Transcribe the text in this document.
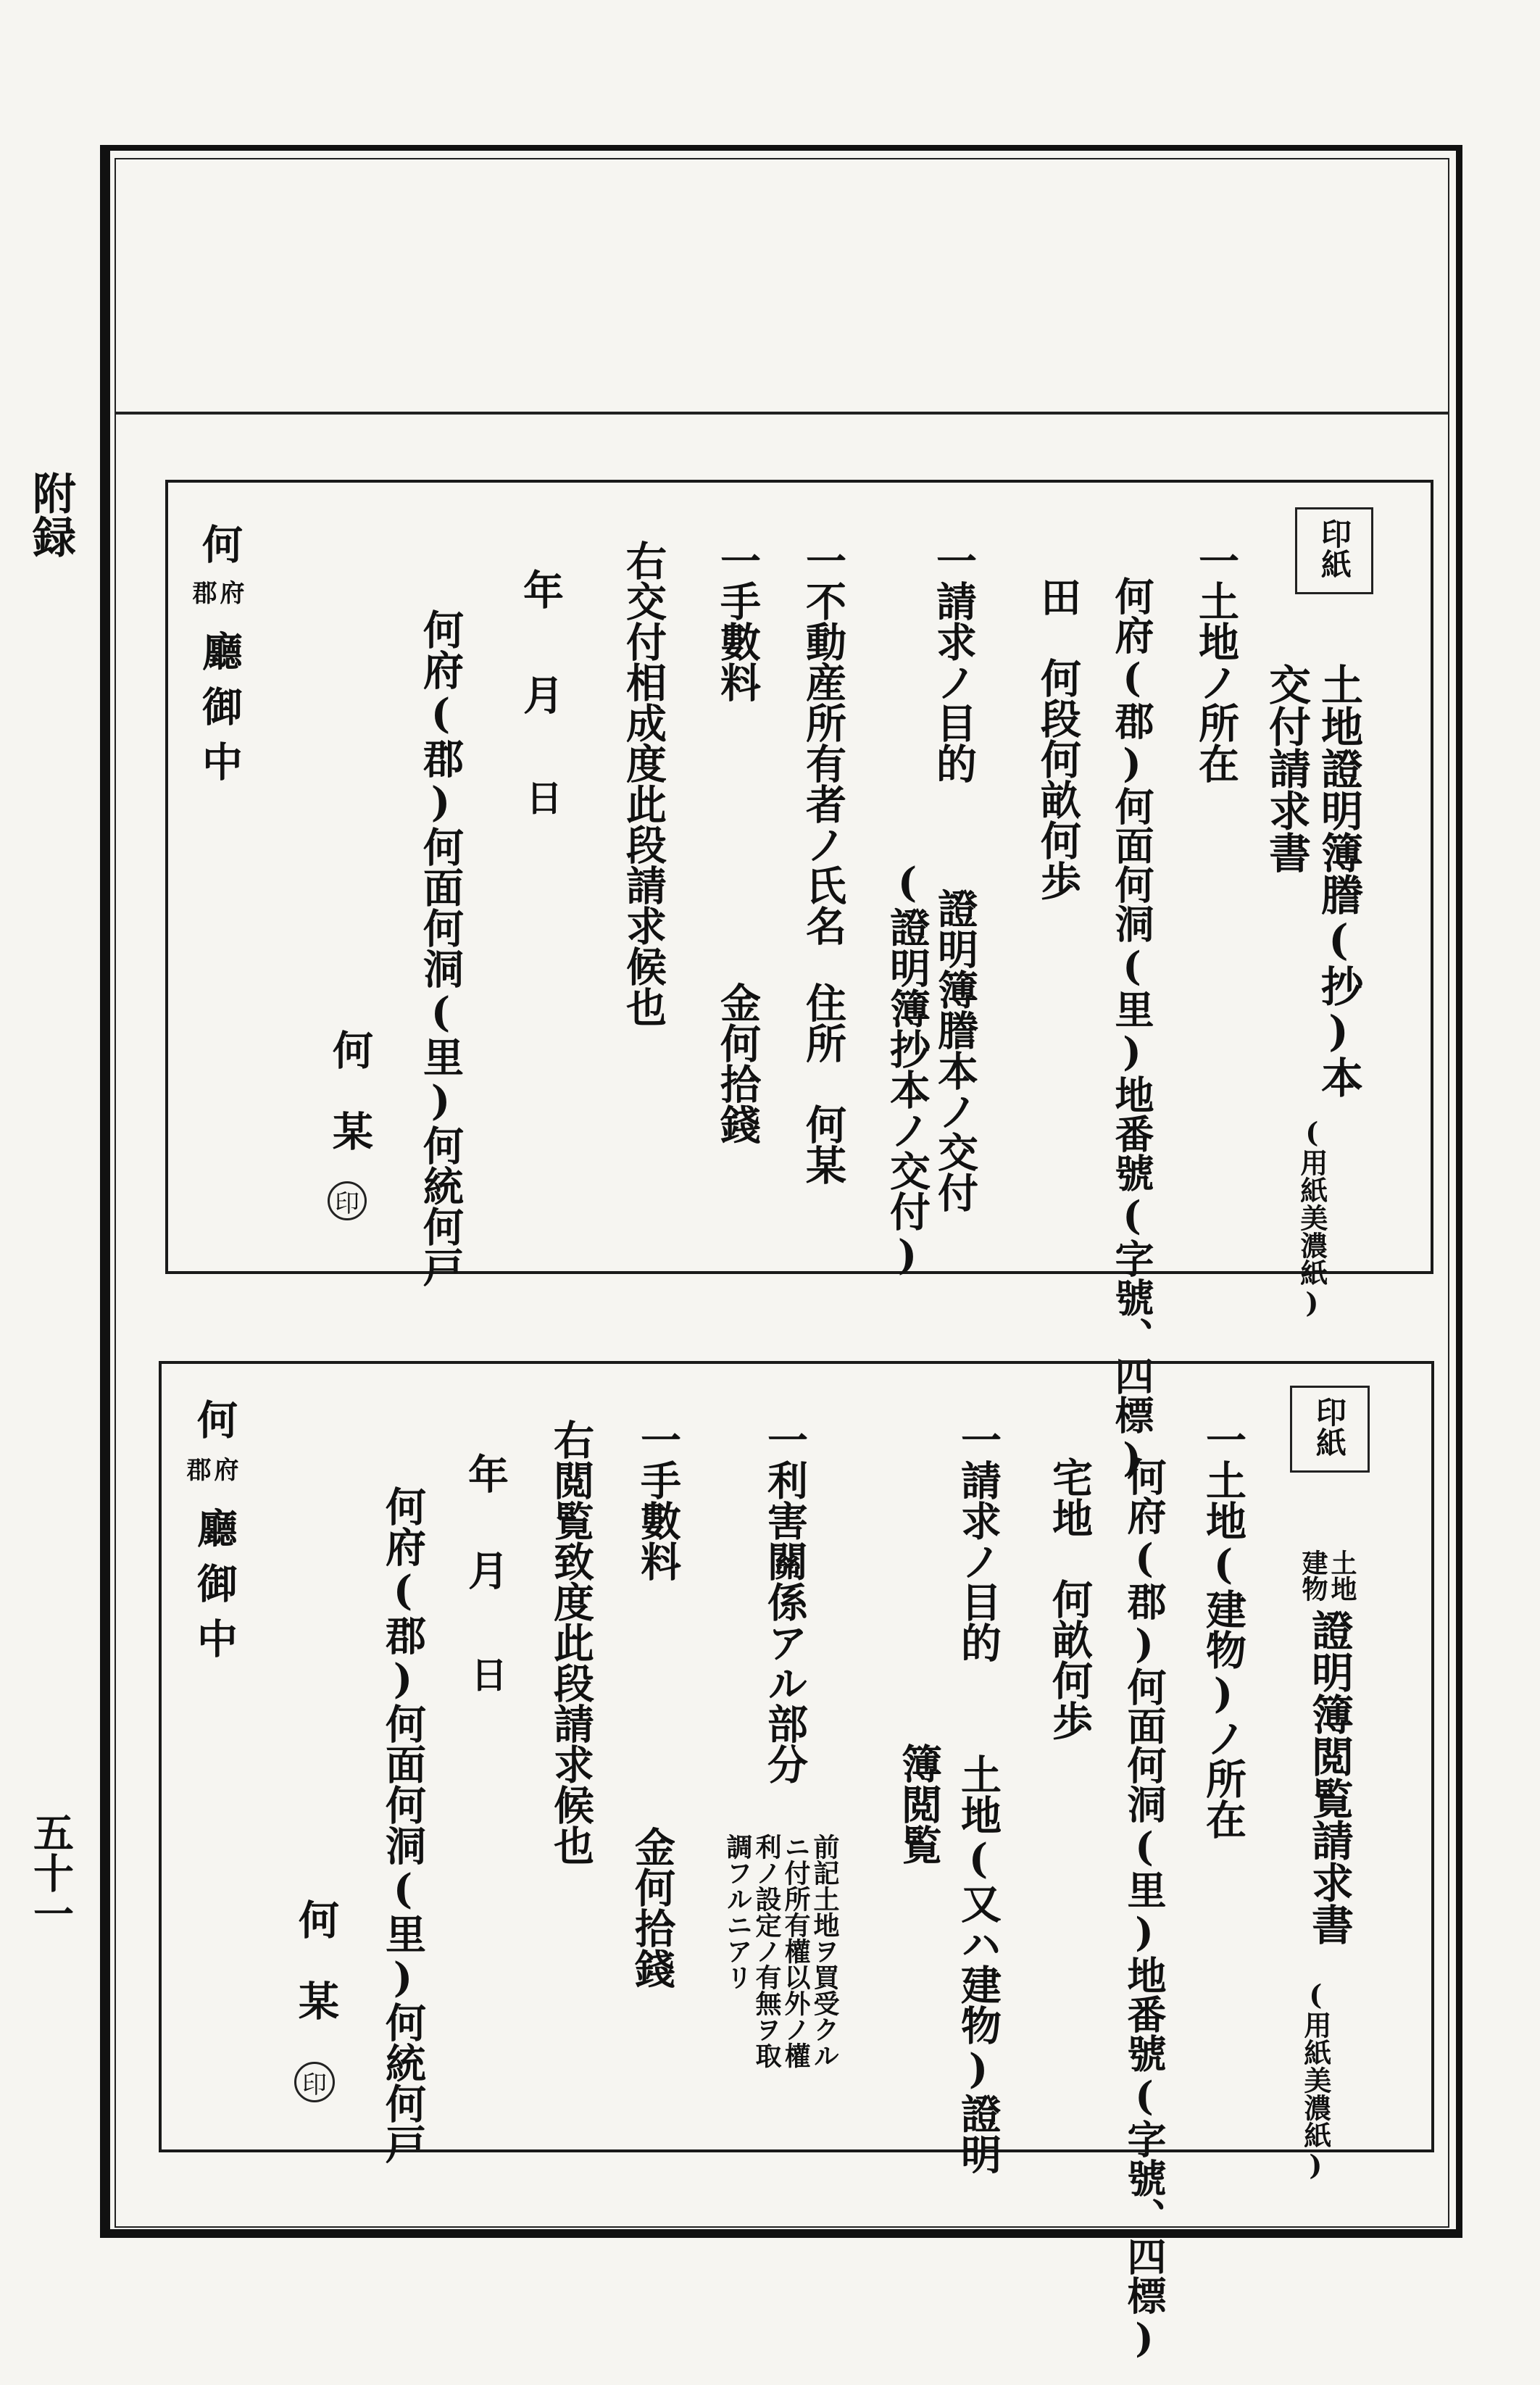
附録
五十一
印紙
土地證明簿謄(抄)本
交付請求書
(用紙美濃紙)
一土地ノ所在
何府(郡)何面何洞(里)地番號(字號、四標)
田　何段何畝何歩
一請求ノ目的
證明簿謄本ノ交付
(證明簿抄本ノ交付)
一不動産所有者ノ氏名
住所　何某
一手數料
金何拾錢
右交付相成度此段請求候也
年
月
日
何府(郡)何面何洞(里)何統何戸
何　某
印
何
府
郡
廳御中
印紙
土地
建物
證明簿閲覧請求書
(用紙美濃紙)
一土地(建物)ノ所在
何府(郡)何面何洞(里)地番號(字號、四標)
宅地　何畝何歩
一請求ノ目的
土地(又ハ建物)證明
簿閲覧
一利害關係アル部分
前記土地ヲ買受クル
ニ付所有權以外ノ權
利ノ設定ノ有無ヲ取
調フルニアリ
一手數料
金何拾錢
右閲覧致度此段請求候也
年
月
日
何府(郡)何面何洞(里)何統何戸
何　某
印
何
府
郡
廳御中
